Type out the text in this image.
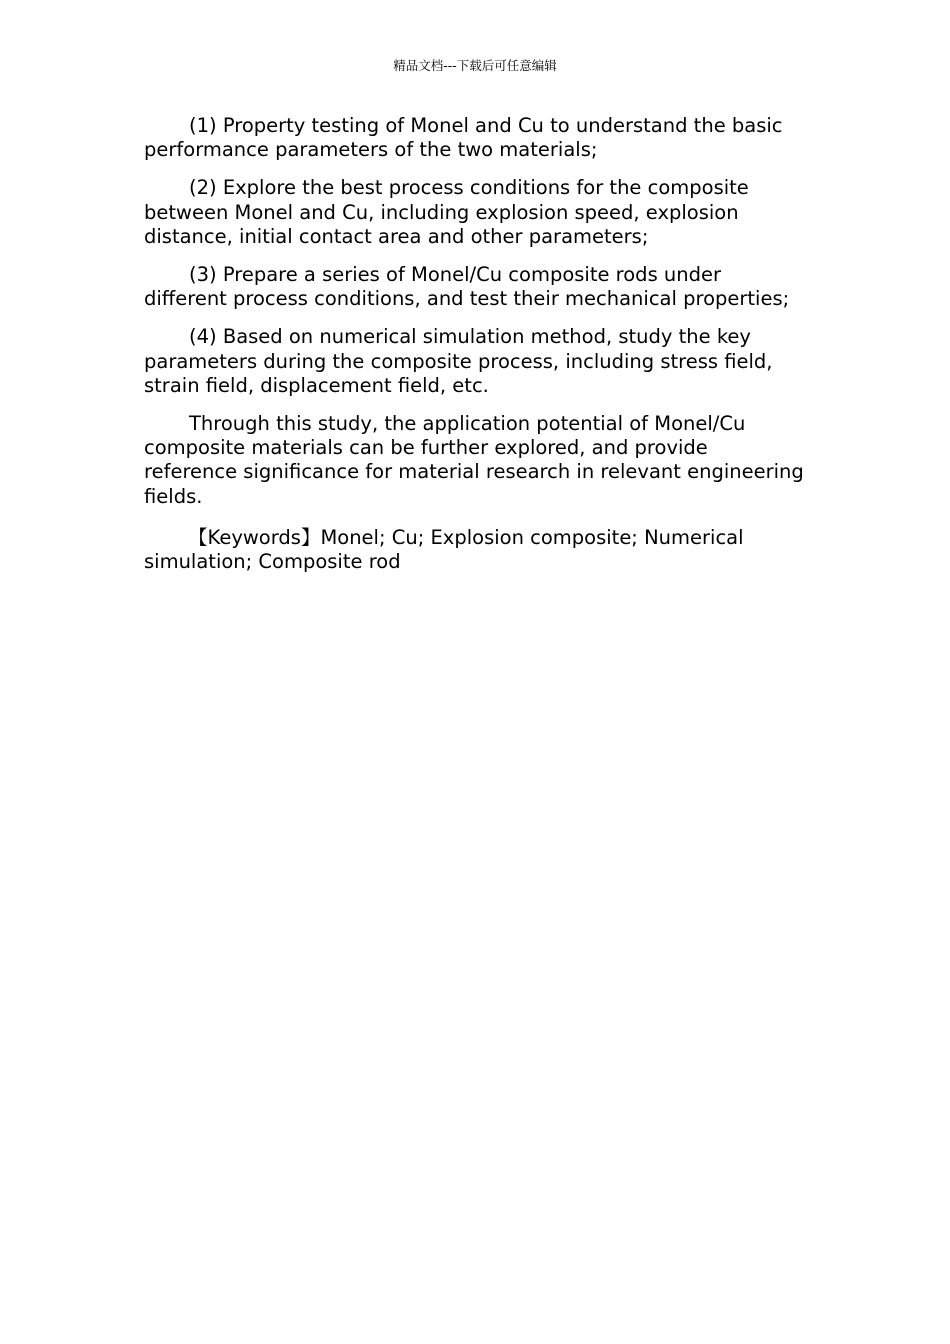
精品文档---下载后可任意编辑

(1) Property testing of Monel and Cu to understand the basic performance parameters of the two materials;

(2) Explore the best process conditions for the composite between Monel and Cu, including explosion speed, explosion distance, initial contact area and other parameters;

(3) Prepare a series of Monel/Cu composite rods under different process conditions, and test their mechanical properties;

(4) Based on numerical simulation method, study the key parameters during the composite process, including stress field, strain field, displacement field, etc.

Through this study, the application potential of Monel/Cu composite materials can be further explored, and provide reference significance for material research in relevant engineering fields.

【Keywords】Monel; Cu; Explosion composite; Numerical simulation; Composite rod
